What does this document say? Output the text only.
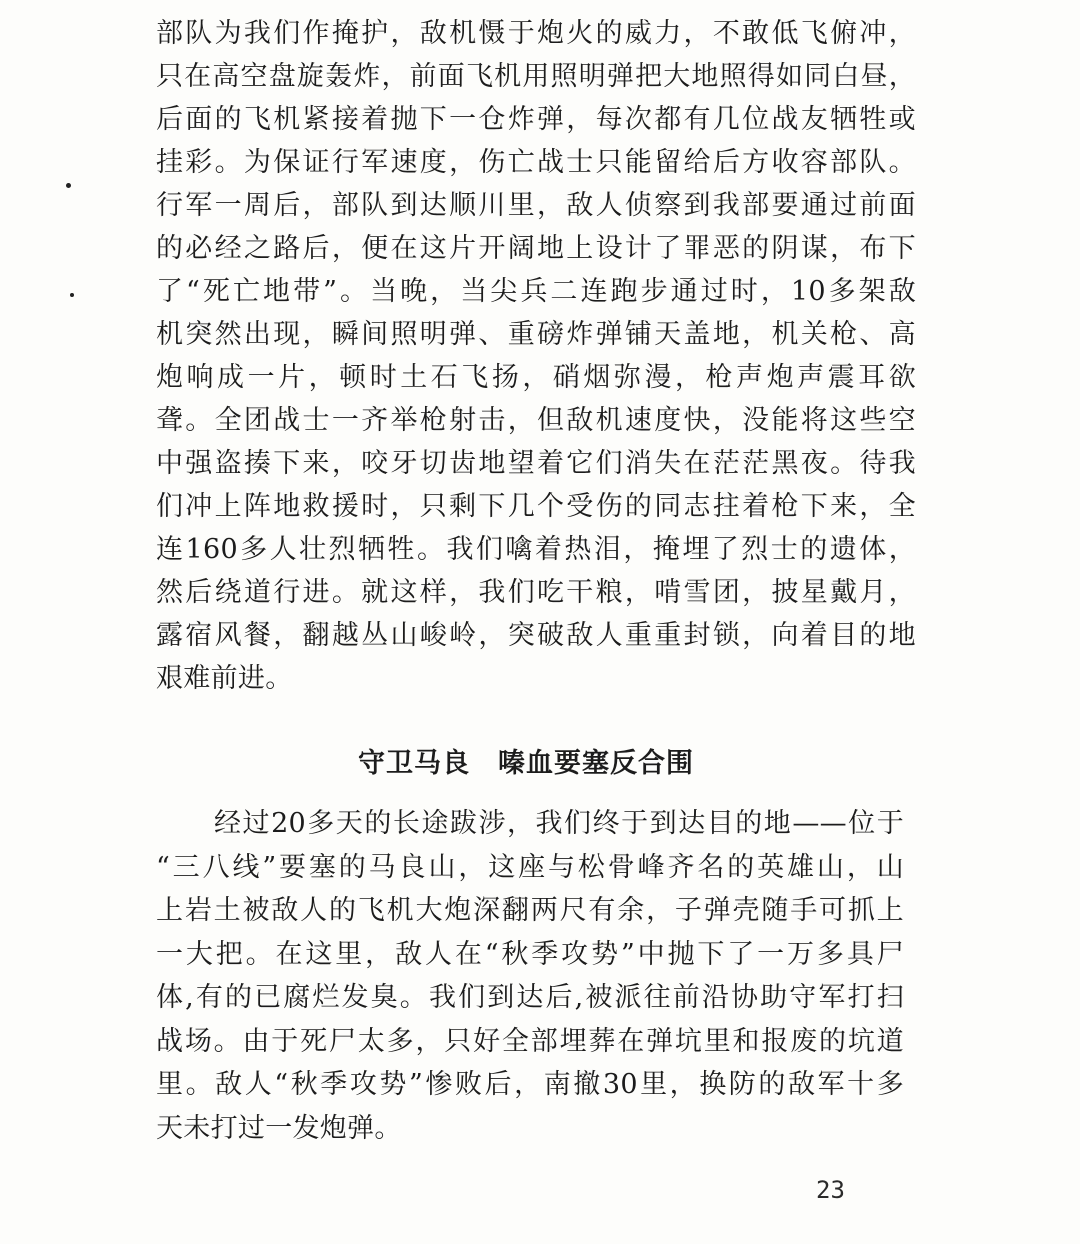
部队为我们作掩护，敌机慑于炮火的威力，不敢低飞俯冲，
只在高空盘旋轰炸，前面飞机用照明弹把大地照得如同白昼，
后面的飞机紧接着抛下一仓炸弹，每次都有几位战友牺牲或
挂彩。为保证行军速度，伤亡战士只能留给后方收容部队。
行军一周后，部队到达顺川里，敌人侦察到我部要通过前面
的必经之路后，便在这片开阔地上设计了罪恶的阴谋，布下
了“死亡地带”。当晚，当尖兵二连跑步通过时，10多架敌
机突然出现，瞬间照明弹、重磅炸弹铺天盖地，机关枪、高
炮响成一片，顿时土石飞扬，硝烟弥漫，枪声炮声震耳欲
聋。全团战士一齐举枪射击，但敌机速度快，没能将这些空
中强盗揍下来，咬牙切齿地望着它们消失在茫茫黑夜。待我
们冲上阵地救援时，只剩下几个受伤的同志拄着枪下来，全
连160多人壮烈牺牲。我们噙着热泪，掩埋了烈士的遗体，
然后绕道行进。就这样，我们吃干粮，啃雪团，披星戴月，
露宿风餐，翻越丛山峻岭，突破敌人重重封锁，向着目的地
艰难前进。
守卫马良　嗪血要塞反合围
经过20多天的长途跋涉，我们终于到达目的地——位于
“三八线”要塞的马良山，这座与松骨峰齐名的英雄山，山
上岩土被敌人的飞机大炮深翻两尺有余，子弹壳随手可抓上
一大把。在这里，敌人在“秋季攻势”中抛下了一万多具尸
体,有的已腐烂发臭。我们到达后,被派往前沿协助守军打扫
战场。由于死尸太多，只好全部埋葬在弹坑里和报废的坑道
里。敌人“秋季攻势”惨败后，南撤30里，换防的敌军十多
天未打过一发炮弹。
23
